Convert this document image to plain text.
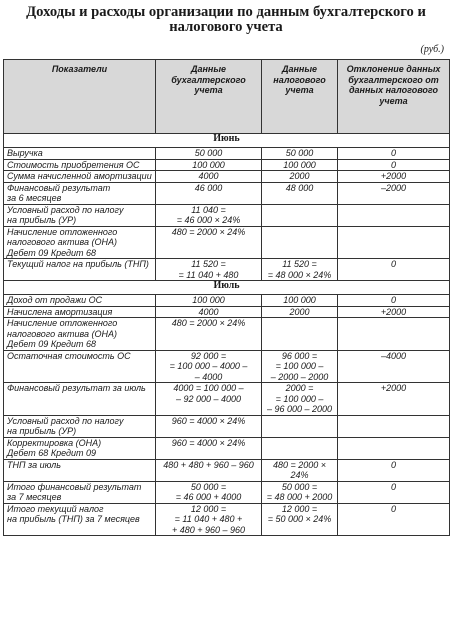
Доходы и расходы организации по данным бухгалтерского и налогового учета
(руб.)
Показатели	Данные бухгалтерского учета	Данные налогового учета	Отклонение данных бухгалтерского от данных налогового учета
Июнь			
Выручка	50 000	50 000	0
Стоимость приобретения ОС	100 000	100 000	0
Сумма начисленной амортизации	4000	2000	+2000
Финансовый результат
за 6 месяцев	46 000	48 000	–2000
Условный расход по налогу
на прибыль (УР)	11 040 =
= 46 000 × 24%		
Начисление отложенного
налогового актива (ОНА)
Дебет 09 Кредит 68	480 = 2000 × 24%		
Текущий налог на прибыль (ТНП)	11 520 =
= 11 040 + 480	11 520 =
= 48 000 × 24%	0
Июль			
Доход от продажи ОС	100 000	100 000	0
Начислена амортизация	4000	2000	+2000
Начисление отложенного
налогового актива (ОНА)
Дебет 09 Кредит 68	480 = 2000 × 24%		
Остаточная стоимость ОС	92 000 =
= 100 000 – 4000 –
– 4000	96 000 =
= 100 000 –
– 2000 – 2000	–4000
Финансовый результат за июль	4000 = 100 000 –
– 92 000 – 4000	2000 =
= 100 000 –
– 96 000 – 2000	+2000
Условный расход по налогу
на прибыль (УР)	960 = 4000 × 24%		
Корректировка (ОНА)
Дебет 68 Кредит 09	960 = 4000 × 24%		
ТНП за июль	480 + 480 + 960 – 960	480 = 2000 × 24%	0
Итого финансовый результат
за 7 месяцев	50 000 =
= 46 000 + 4000	50 000 =
= 48 000 + 2000	0
Итого текущий налог
на прибыль (ТНП) за 7 месяцев	12 000 =
= 11 040 + 480 +
+ 480 + 960 – 960	12 000 =
= 50 000 × 24%	0
